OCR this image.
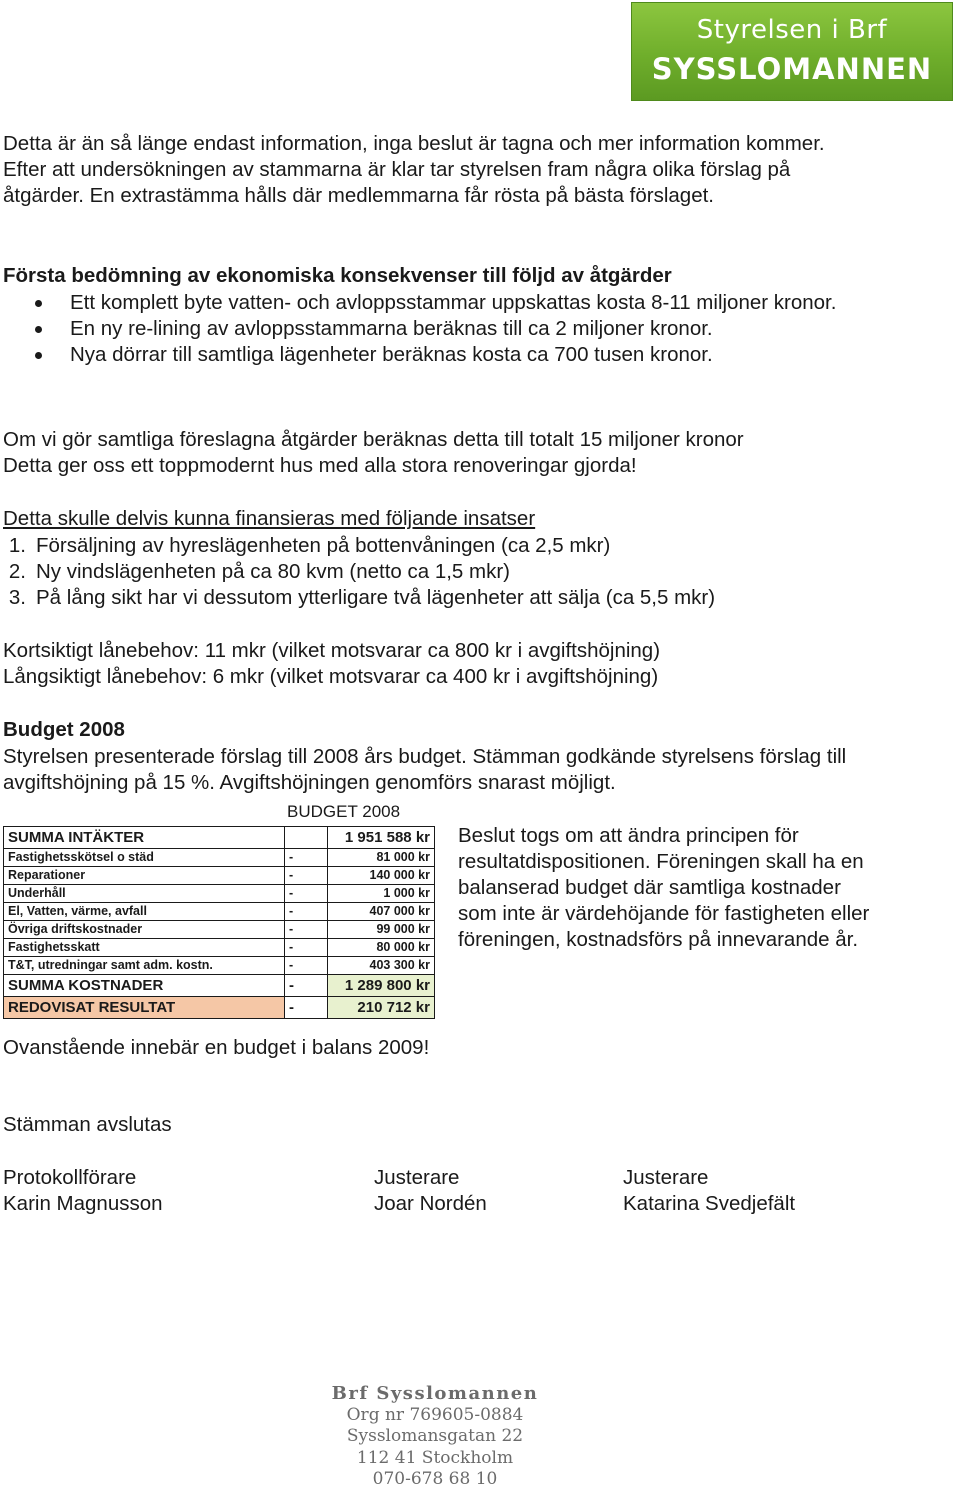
Styrelsen i Brf
SYSSLOMANNEN
Detta är än så länge endast information, inga beslut är tagna och mer information kommer. Efter att undersökningen av stammarna är klar tar styrelsen fram några olika förslag på åtgärder. En extrastämma hålls där medlemmarna får rösta på bästa förslaget.
Första bedömning av ekonomiska konsekvenser till följd av åtgärder
Ett komplett byte vatten- och avloppsstammar uppskattas kosta 8-11 miljoner kronor.
En ny re-lining av avloppsstammarna beräknas till ca 2 miljoner kronor.
Nya dörrar till samtliga lägenheter beräknas kosta ca 700 tusen kronor.
Om vi gör samtliga föreslagna åtgärder beräknas detta till totalt 15 miljoner kronor
Detta ger oss ett toppmodernt hus med alla stora renoveringar gjorda!
Detta skulle delvis kunna finansieras med följande insatser
1. Försäljning av hyreslägenheten på bottenvåningen (ca 2,5 mkr)
2. Ny vindslägenheten på ca 80 kvm (netto ca 1,5 mkr)
3. På lång sikt har vi dessutom ytterligare två lägenheter att sälja (ca 5,5 mkr)
Kortsiktigt lånebehov: 11 mkr (vilket motsvarar ca 800 kr i avgiftshöjning)
Långsiktigt lånebehov: 6 mkr (vilket motsvarar ca 400 kr i avgiftshöjning)
Budget 2008
Styrelsen presenterade förslag till 2008 års budget. Stämman godkände styrelsens förslag till avgiftshöjning på 15 %. Avgiftshöjningen genomförs snarast möjligt.
BUDGET 2008
SUMMA INTÄKTER		1 951 588 kr
Fastighetsskötsel o städ	-	81 000 kr
Reparationer	-	140 000 kr
Underhåll	-	1 000 kr
El, Vatten, värme, avfall	-	407 000 kr
Övriga driftskostnader	-	99 000 kr
Fastighetsskatt	-	80 000 kr
T&T, utredningar samt adm. kostn.	-	403 300 kr
SUMMA KOSTNADER	-	1 289 800 kr
REDOVISAT RESULTAT	-	210 712 kr
Beslut togs om att ändra principen för resultatdispositionen. Föreningen skall ha en balanserad budget där samtliga kostnader som inte är värdehöjande för fastigheten eller föreningen, kostnadsförs på innevarande år.
Ovanstående innebär en budget i balans 2009!
Stämman avslutas
Protokollförare
Karin Magnusson
Justerare
Joar Nordén
Justerare
Katarina Svedjefält
Brf Sysslomannen
Org nr 769605-0884
Sysslomansgatan 22
112 41 Stockholm
070-678 68 10
